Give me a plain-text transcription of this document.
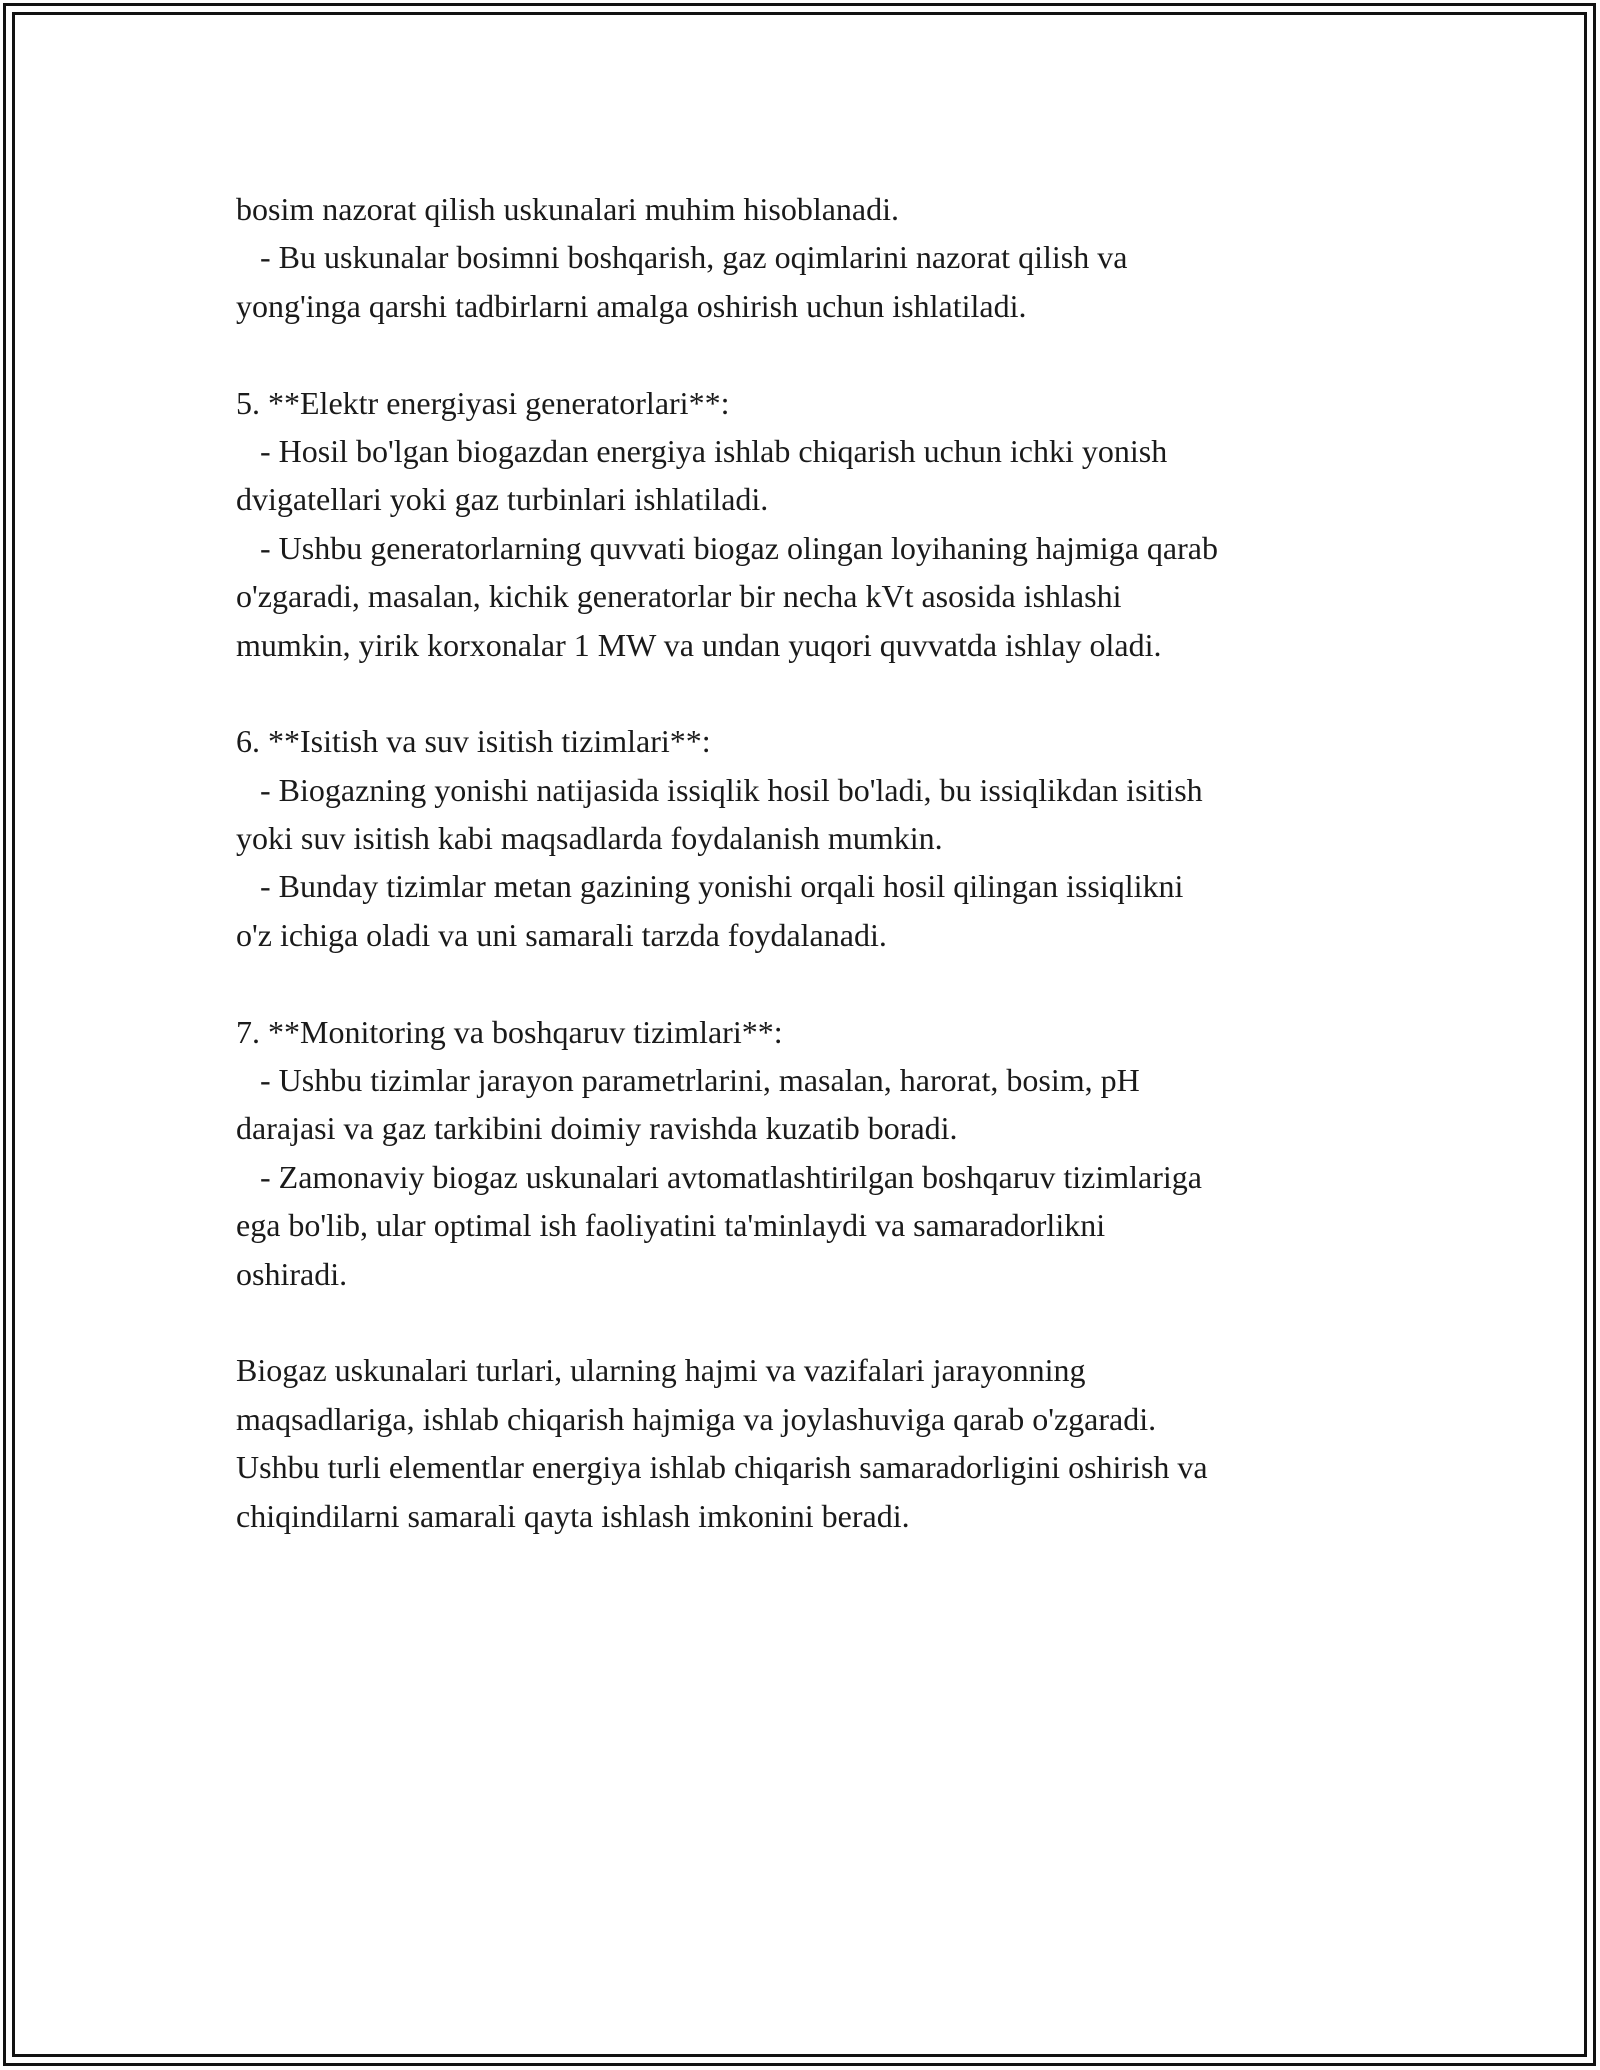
bosim nazorat qilish uskunalari muhim hisoblanadi.
- Bu uskunalar bosimni boshqarish, gaz oqimlarini nazorat qilish va
yong'inga qarshi tadbirlarni amalga oshirish uchun ishlatiladi.
5. **Elektr energiyasi generatorlari**:
- Hosil bo'lgan biogazdan energiya ishlab chiqarish uchun ichki yonish
dvigatellari yoki gaz turbinlari ishlatiladi.
- Ushbu generatorlarning quvvati biogaz olingan loyihaning hajmiga qarab
o'zgaradi, masalan, kichik generatorlar bir necha kVt asosida ishlashi
mumkin, yirik korxonalar 1 MW va undan yuqori quvvatda ishlay oladi.
6. **Isitish va suv isitish tizimlari**:
- Biogazning yonishi natijasida issiqlik hosil bo'ladi, bu issiqlikdan isitish
yoki suv isitish kabi maqsadlarda foydalanish mumkin.
- Bunday tizimlar metan gazining yonishi orqali hosil qilingan issiqlikni
o'z ichiga oladi va uni samarali tarzda foydalanadi.
7. **Monitoring va boshqaruv tizimlari**:
- Ushbu tizimlar jarayon parametrlarini, masalan, harorat, bosim, pH
darajasi va gaz tarkibini doimiy ravishda kuzatib boradi.
- Zamonaviy biogaz uskunalari avtomatlashtirilgan boshqaruv tizimlariga
ega bo'lib, ular optimal ish faoliyatini ta'minlaydi va samaradorlikni
oshiradi.
Biogaz uskunalari turlari, ularning hajmi va vazifalari jarayonning
maqsadlariga, ishlab chiqarish hajmiga va joylashuviga qarab o'zgaradi.
Ushbu turli elementlar energiya ishlab chiqarish samaradorligini oshirish va
chiqindilarni samarali qayta ishlash imkonini beradi.
